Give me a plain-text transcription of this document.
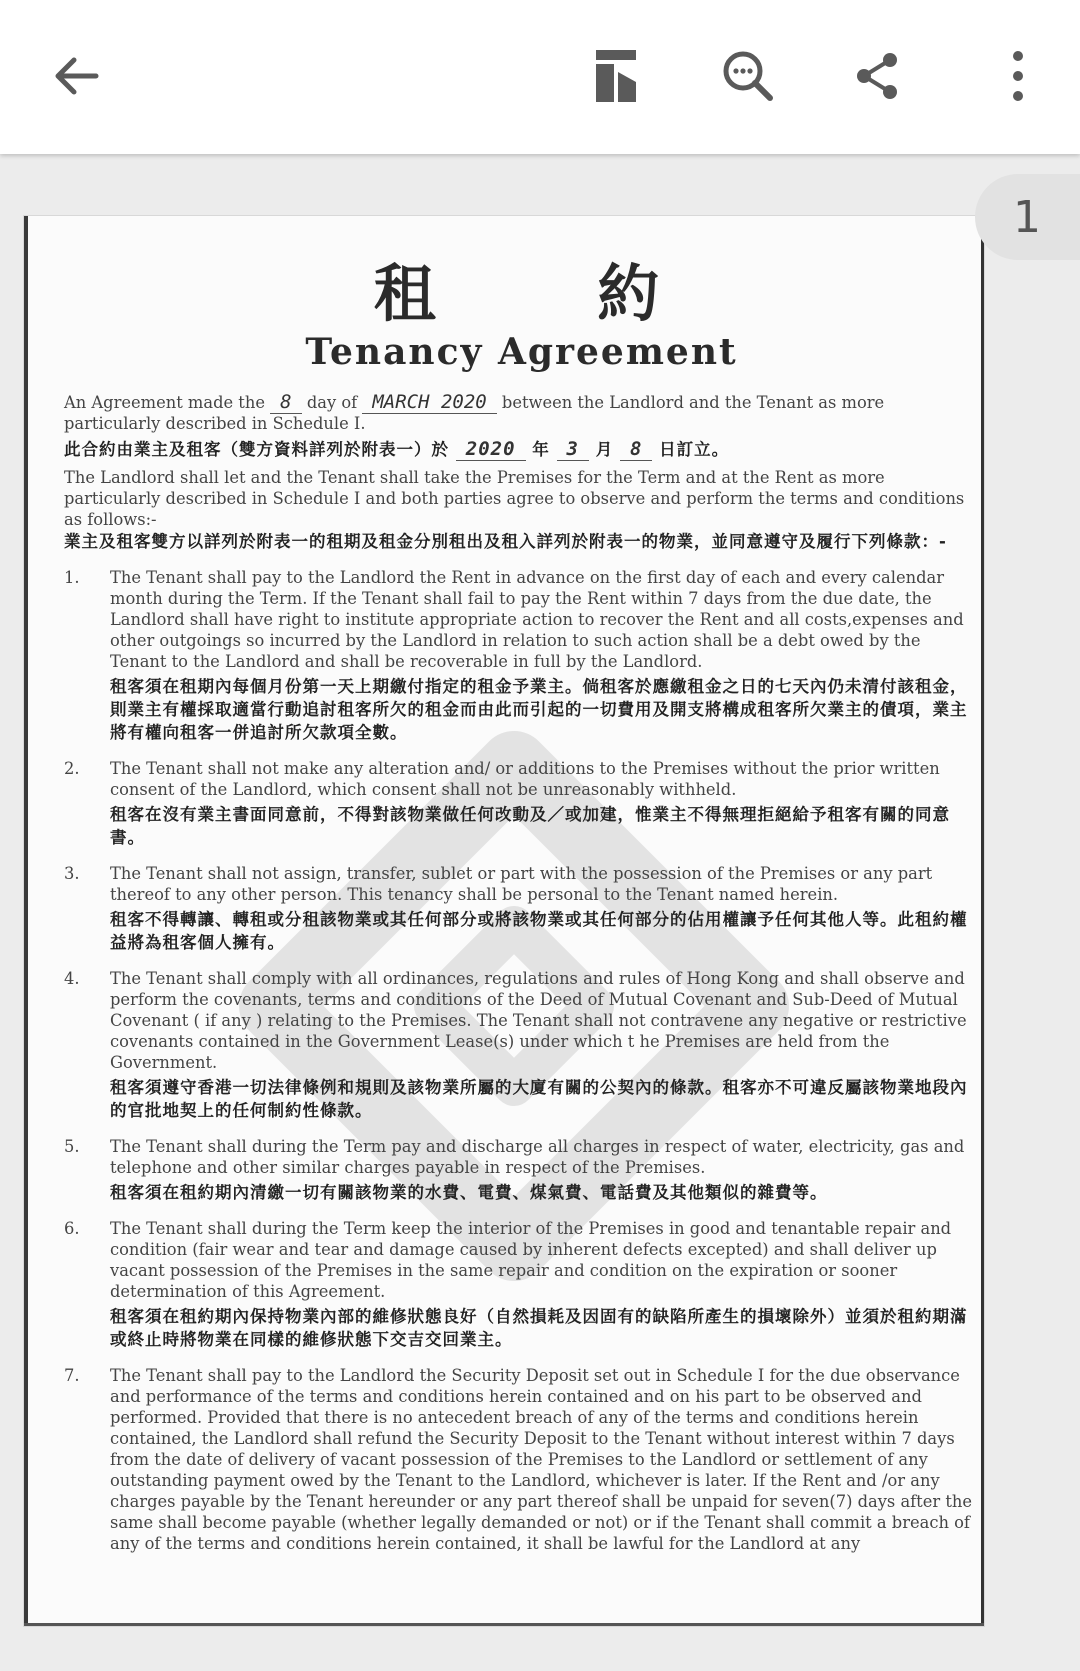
1

租 約

Tenancy Agreement

An Agreement made the 8 day of MARCH 2020 between the Landlord and the Tenant as more particularly described in Schedule I.

此合約由業主及租客（雙方資料詳列於附表一）於 2020 年 3 月 8 日訂立。

The Landlord shall let and the Tenant shall take the Premises for the Term and at the Rent as more particularly described in Schedule I and both parties agree to observe and perform the terms and conditions as follows:-

業主及租客雙方以詳列於附表一的租期及租金分別租出及租入詳列於附表一的物業，並同意遵守及履行下列條款：-

1.	The Tenant shall pay to the Landlord the Rent in advance on the first day of each and every calendar month during the Term. If the Tenant shall fail to pay the Rent within 7 days from the due date, the Landlord shall have right to institute appropriate action to recover the Rent and all costs,expenses and other outgoings so incurred by the Landlord in relation to such action shall be a debt owed by the Tenant to the Landlord and shall be recoverable in full by the Landlord.

租客須在租期內每個月份第一天上期繳付指定的租金予業主。倘租客於應繳租金之日的七天內仍未清付該租金，則業主有權採取適當行動追討租客所欠的租金而由此而引起的一切費用及開支將構成租客所欠業主的債項，業主將有權向租客一併追討所欠款項全數。

2.	The Tenant shall not make any alteration and/ or additions to the Premises without the prior written consent of the Landlord, which consent shall not be unreasonably withheld.

租客在沒有業主書面同意前，不得對該物業做任何改動及／或加建，惟業主不得無理拒絕給予租客有關的同意書。

3.	The Tenant shall not assign, transfer, sublet or part with the possession of the Premises or any part thereof to any other person. This tenancy shall be personal to the Tenant named herein.

租客不得轉讓、轉租或分租該物業或其任何部分或將該物業或其任何部分的佔用權讓予任何其他人等。此租約權益將為租客個人擁有。

4.	The Tenant shall comply with all ordinances, regulations and rules of Hong Kong and shall observe and perform the covenants, terms and conditions of the Deed of Mutual Covenant and Sub-Deed of Mutual Covenant ( if any ) relating to the Premises. The Tenant shall not contravene any negative or restrictive covenants contained in the Government Lease(s) under which t he Premises are held from the Government.

租客須遵守香港一切法律條例和規則及該物業所屬的大廈有關的公契內的條款。租客亦不可違反屬該物業地段內的官批地契上的任何制約性條款。

5.	The Tenant shall during the Term pay and discharge all charges in respect of water, electricity, gas and telephone and other similar charges payable in respect of the Premises.

租客須在租約期內清繳一切有關該物業的水費、電費、煤氣費、電話費及其他類似的雜費等。

6.	The Tenant shall during the Term keep the interior of the Premises in good and tenantable repair and condition (fair wear and tear and damage caused by inherent defects excepted) and shall deliver up vacant possession of the Premises in the same repair and condition on the expiration or sooner determination of this Agreement.

租客須在租約期內保持物業內部的維修狀態良好（自然損耗及因固有的缺陷所產生的損壞除外）並須於租約期滿或終止時將物業在同樣的維修狀態下交吉交回業主。

7.	The Tenant shall pay to the Landlord the Security Deposit set out in Schedule I for the due observance and performance of the terms and conditions herein contained and on his part to be observed and performed. Provided that there is no antecedent breach of any of the terms and conditions herein contained, the Landlord shall refund the Security Deposit to the Tenant without interest within 7 days from the date of delivery of vacant possession of the Premises to the Landlord or settlement of any outstanding payment owed by the Tenant to the Landlord, whichever is later. If the Rent and /or any charges payable by the Tenant hereunder or any part thereof shall be unpaid for seven(7) days after the same shall become payable (whether legally demanded or not) or if the Tenant shall commit a breach of any of the terms and conditions herein contained, it shall be lawful for the Landlord at any
